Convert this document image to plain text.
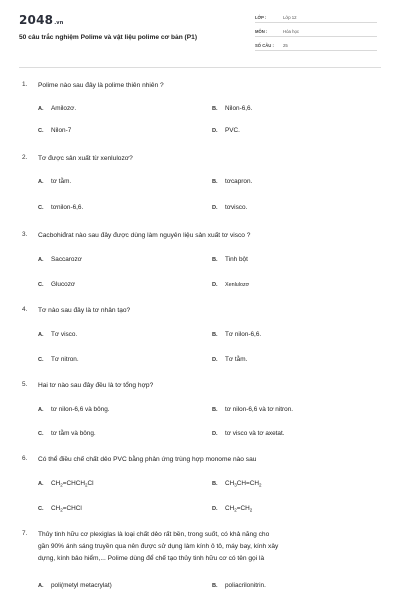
2048.vn
50 câu trắc nghiệm Polime và vật liệu polime cơ bản (P1)
LỚP :	Lớp 12
MÔN :	Hóa học
SỐ CÂU : 25
1. Polime nào sau đây là polime thiên nhiên ?
A. Amilozơ.	B. Nilon-6,6.
C. Nilon-7	D. PVC.
2. Tơ được sản xuất từ xenlulozơ?
A. tơ tằm.	B. tơcapron.
C. tơnilon-6,6.	D. tơvisco.
3. Cacbohiđrat nào sau đây được dùng làm nguyên liệu sản xuất tơ visco ?
A. Saccarozơ	B. Tinh bột
C. Glucozơ	D. Xenlulozơ
4. Tơ nào sau đây là tơ nhân tạo?
A. Tơ visco.	B. Tơ nilon-6,6.
C. Tơ nitron.	D. Tơ tằm.
5. Hai tơ nào sau đây đều là tơ tổng hợp?
A. tơ nilon-6,6 và bông.	B. tơ nilon-6,6 và tơ nitron.
C. tơ tằm và bông.	D. tơ visco và tơ axetat.
6. Có thể điều chế chất dẻo PVC bằng phản ứng trùng hợp monome nào sau
A. $CH_2=CHCH_2Cl$	B. $CH_3CH=CH_2$
C. $CH_2=CHCl$	D. $CH_2=CH_2$
7. Thủy tinh hữu cơ plexiglas là loại chất dẻo rất bền, trong suốt, có khả năng cho
gần 90% ánh sáng truyền qua nên được sử dụng làm kính ô tô, máy bay, kính xây
dựng, kính bảo hiểm,... Polime dùng để chế tạo thủy tinh hữu cơ có tên gọi là
A. poli(metyl metacrylat)	B. poliacrilonitrin.
